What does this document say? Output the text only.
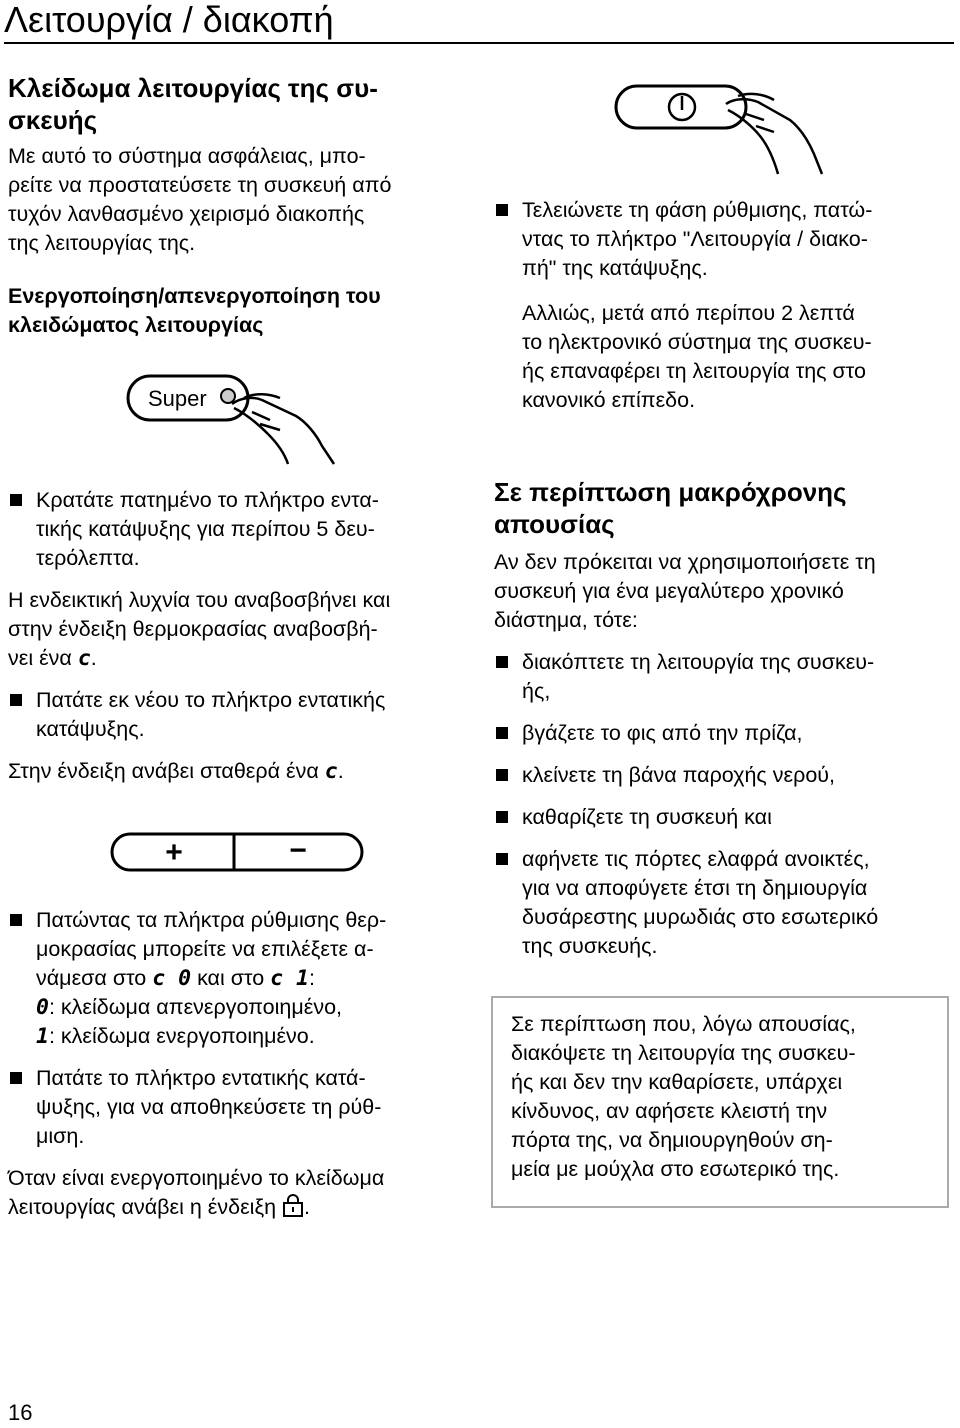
Λειτουργία / διακοπή

Κλείδωμα λειτουργίας της συ-
σκευής

Με αυτό το σύστημα ασφάλειας, μπο-
ρείτε να προστατεύσετε τη συσκευή από
τυχόν λανθασμένο χειρισμό διακοπής
της λειτουργίας της.

Ενεργοποίηση/απενεργοποίηση του
κλειδώματος λειτουργίας

Super
Κρατάτε πατημένο το πλήκτρο εντα-
τικής κατάψυξης για περίπου 5 δευ-
τερόλεπτα.

Η ενδεικτική λυχνία του αναβοσβήνει και
στην ένδειξη θερμοκρασίας αναβοσβή-
νει ένα c.

Πατάτε εκ νέου το πλήκτρο εντατικής
κατάψυξης.

Στην ένδειξη ανάβει σταθερά ένα c.

+	−
Πατώντας τα πλήκτρα ρύθμισης θερ-
μοκρασίας μπορείτε να επιλέξετε α-
νάμεσα στο c 0 και στο c 1:
0: κλείδωμα απενεργοποιημένο,
1: κλείδωμα ενεργοποιημένο.
Πατάτε το πλήκτρο εντατικής κατά-
ψυξης, για να αποθηκεύσετε τη ρύθ-
μιση.

Όταν είναι ενεργοποιημένο το κλείδωμα
λειτουργίας ανάβει η ένδειξη .

Τελειώνετε τη φάση ρύθμισης, πατώ-
ντας το πλήκτρο "Λειτουργία / διακο-
πή" της κατάψυξης.

Αλλιώς, μετά από περίπου 2 λεπτά
το ηλεκτρονικό σύστημα της συσκευ-
ής επαναφέρει τη λειτουργία της στο
κανονικό επίπεδο.

Σε περίπτωση μακρόχρονης
απουσίας

Αν δεν πρόκειται να χρησιμοποιήσετε τη
συσκευή για ένα μεγαλύτερο χρονικό
διάστημα, τότε:

διακόπτετε τη λειτουργία της συσκευ-
ής,
βγάζετε το φις από την πρίζα,
κλείνετε τη βάνα παροχής νερού,
καθαρίζετε τη συσκευή και
αφήνετε τις πόρτες ελαφρά ανοικτές,
για να αποφύγετε έτσι τη δημιουργία
δυσάρεστης μυρωδιάς στο εσωτερικό
της συσκευής.
Σε περίπτωση που, λόγω απουσίας,
διακόψετε τη λειτουργία της συσκευ-
ής και δεν την καθαρίσετε, υπάρχει
κίνδυνος, αν αφήσετε κλειστή την
πόρτα της, να δημιουργηθούν ση-
μεία με μούχλα στο εσωτερικό της.
16
